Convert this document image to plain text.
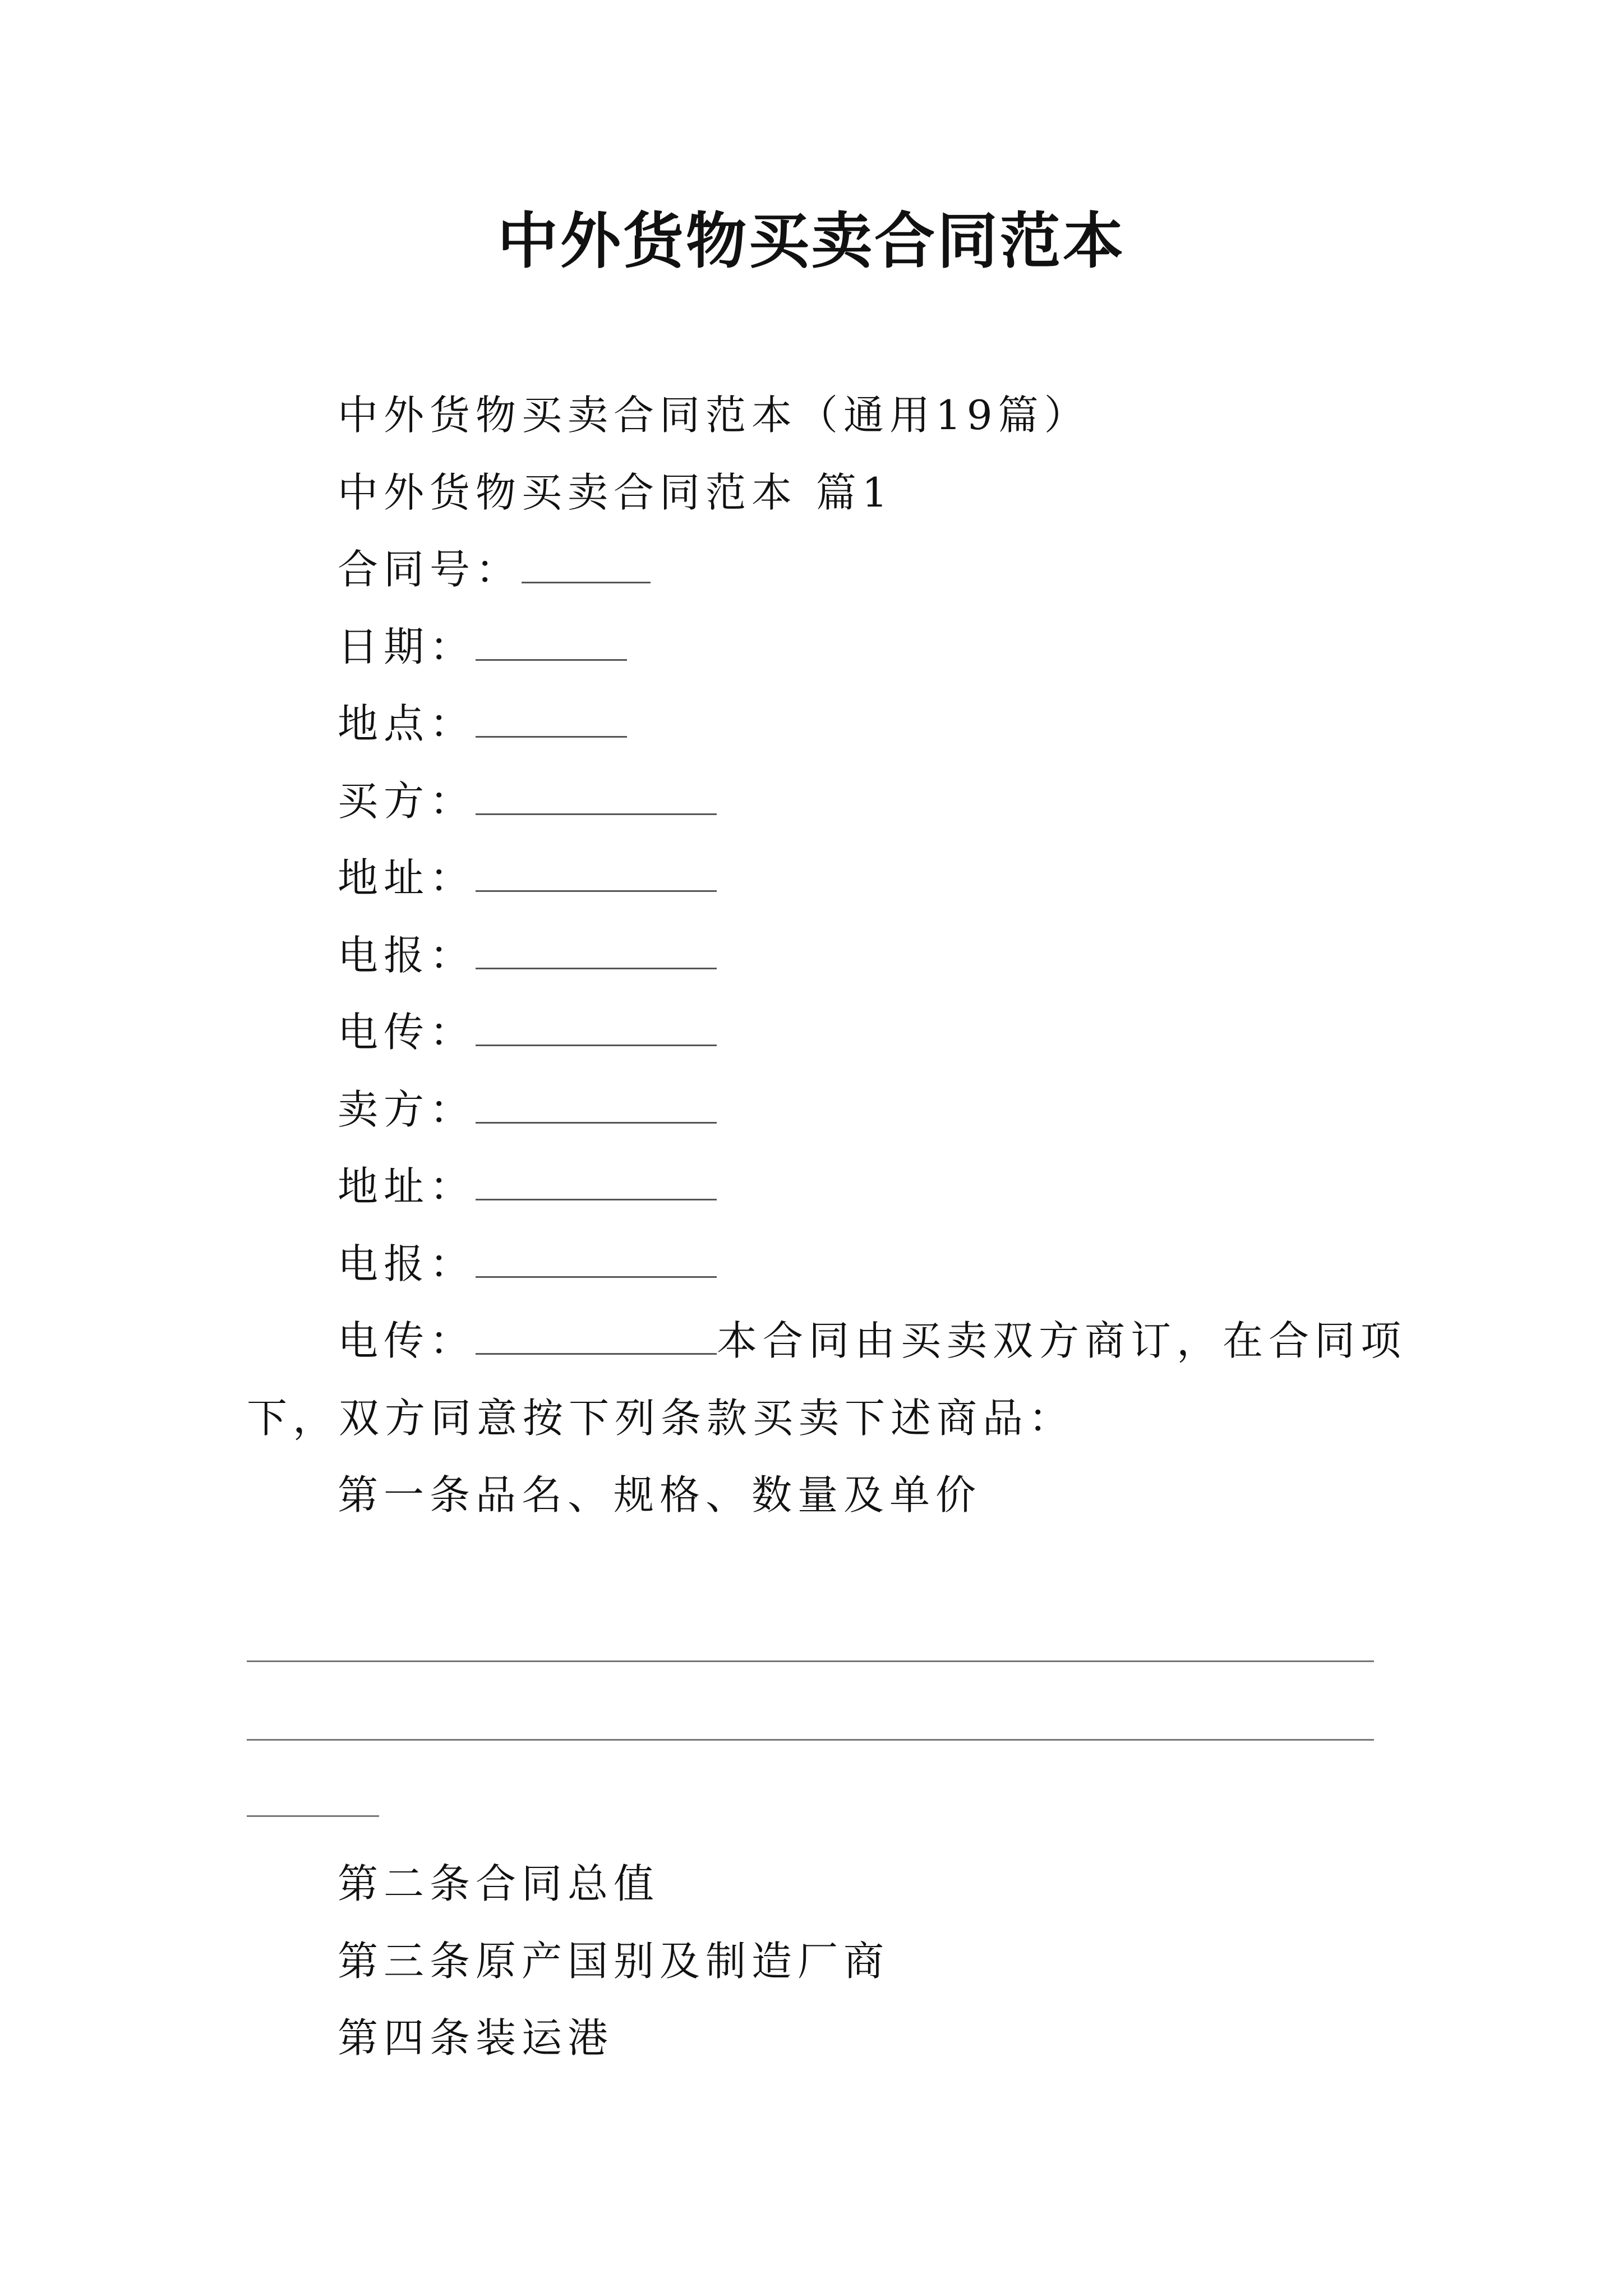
中外货物买卖合同范本
中外货物买卖合同范本（通用19篇）
中外货物买卖合同范本 篇1
合同号：
日期：
地点：
买方：
地址：
电报：
电传：
卖方：
地址：
电报：
电传：	本合同由买卖双方商订，在合同项
下，双方同意按下列条款买卖下述商品：
第一条品名、规格、数量及单价
第二条合同总值
第三条原产国别及制造厂商
第四条装运港
